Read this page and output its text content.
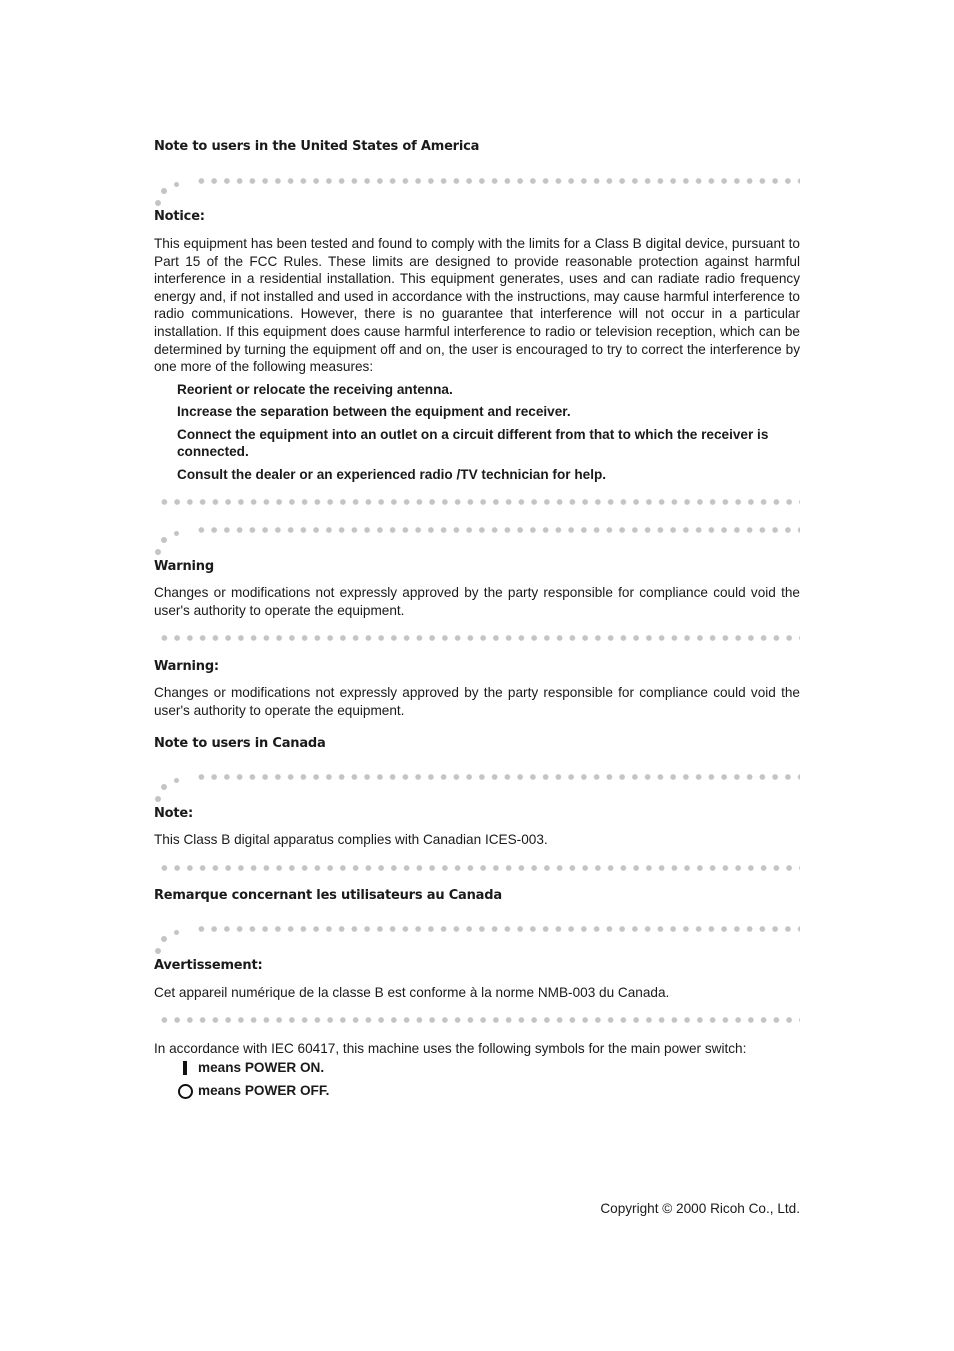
Note to users in the United States of America
Notice:
This equipment has been tested and found to comply with the limits for a Class B digital device, pursuant to Part 15 of the FCC Rules. These limits are designed to provide reasonable protection against harmful interference in a residential installation. This equipment generates, uses and can radiate radio frequency energy and, if not installed and used in accordance with the instructions, may cause harmful interference to radio communications. However, there is no guarantee that interference will not occur in a particular installation. If this equipment does cause harmful interference to radio or television reception, which can be determined by turning the equipment off and on, the user is encouraged to try to correct the interference by one more of the following measures:
Reorient or relocate the receiving antenna.
Increase the separation between the equipment and receiver.
Connect the equipment into an outlet on a circuit different from that to which the receiver is connected.
Consult the dealer or an experienced radio /TV technician for help.
Warning
Changes or modifications not expressly approved by the party responsible for compliance could void the user's authority to operate the equipment.
Warning:
Changes or modifications not expressly approved by the party responsible for compliance could void the user's authority to operate the equipment.
Note to users in Canada
Note:
This Class B digital apparatus complies with Canadian ICES-003.
Remarque concernant les utilisateurs au Canada
Avertissement:
Cet appareil numérique de la classe B est conforme à la norme NMB-003 du Canada.
In accordance with IEC 60417, this machine uses the following symbols for the main power switch:
means POWER ON.
means POWER OFF.
Copyright © 2000 Ricoh Co., Ltd.
